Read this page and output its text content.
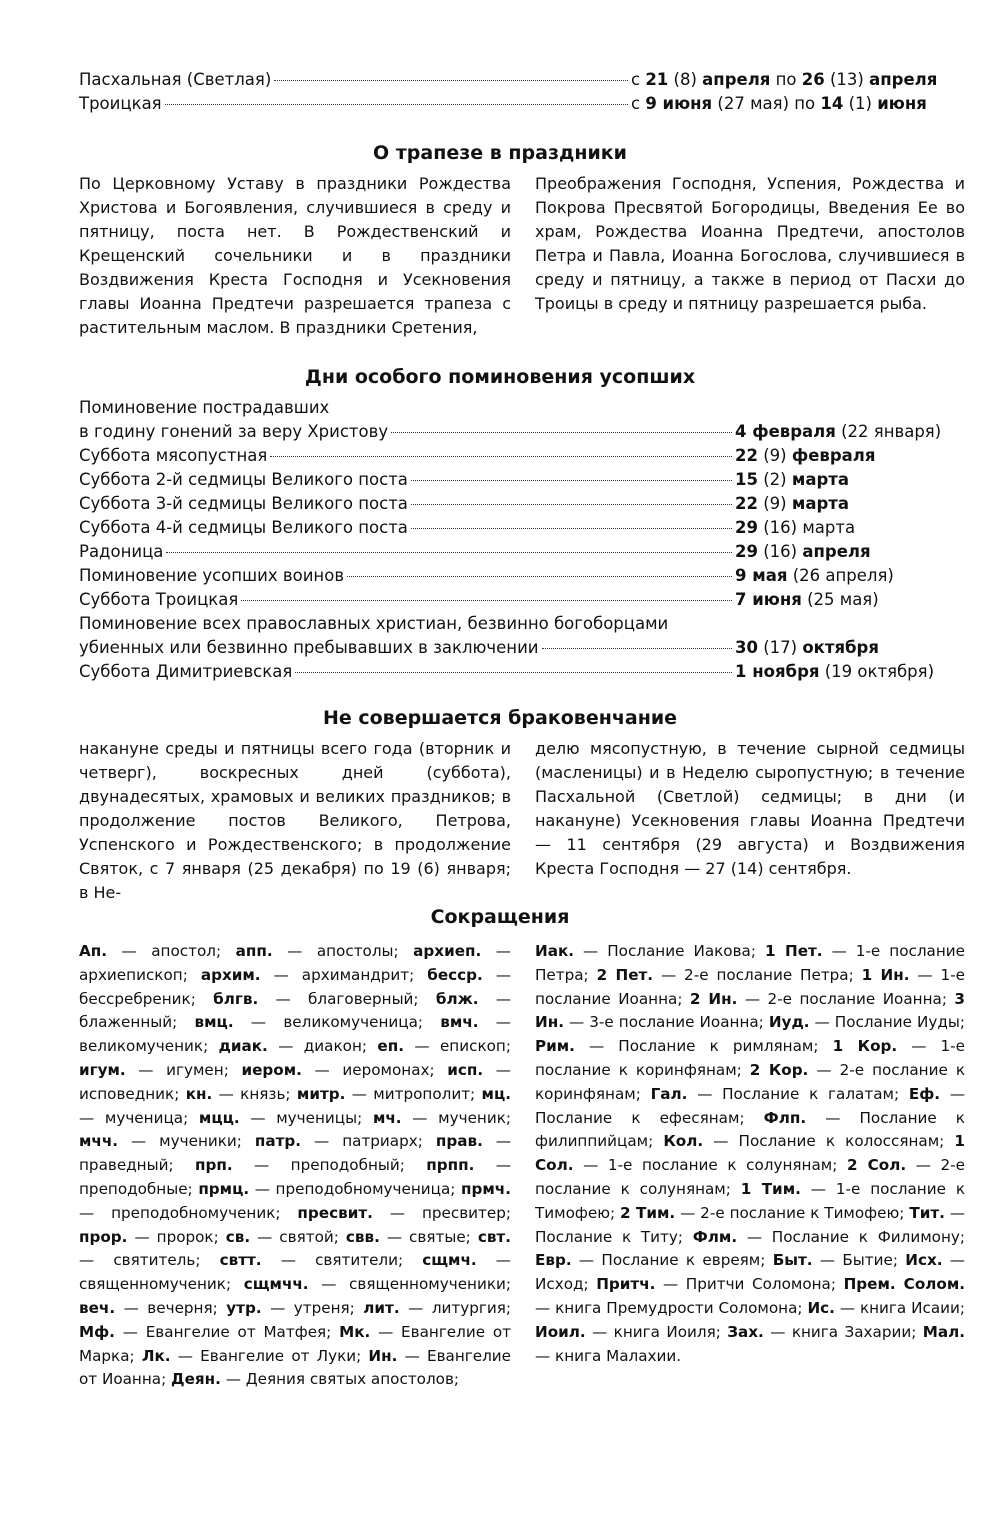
Пасхальная (Светлая)	с 21 (8) апреля по 26 (13) апреля
Троицкая	с 9 июня (27 мая) по 14 (1) июня
О трапезе в праздники
По Церковному Уставу в праздники Рождества Христова и Богоявления, случившиеся в среду и пятницу, поста нет. В Рождественский и Крещенский сочельники и в праздники Воздвижения Креста Господня и Усекновения главы Иоанна Предтечи разрешается трапеза с растительным маслом. В праздники Сретения,
Преображения Господня, Успения, Рождества и Покрова Пресвятой Богородицы, Введения Ее во храм, Рождества Иоанна Предтечи, апостолов Петра и Павла, Иоанна Богослова, случившиеся в среду и пятницу, а также в период от Пасхи до Троицы в среду и пятницу разрешается рыба.
Дни особого поминовения усопших
Поминовение пострадавших
в годину гонений за веру Христову	4 февраля (22 января)
Суббота мясопустная	22 (9) февраля
Суббота 2-й седмицы Великого поста	15 (2) марта
Суббота 3-й седмицы Великого поста	22 (9) марта
Суббота 4-й седмицы Великого поста	29 (16) марта
Радоница	29 (16) апреля
Поминовение усопших воинов	9 мая (26 апреля)
Суббота Троицкая	7 июня (25 мая)
Поминовение всех православных христиан, безвинно богоборцами
убиенных или безвинно пребывавших в заключении	30 (17) октября
Суббота Димитриевская	1 ноября (19 октября)
Не совершается браковенчание
накануне среды и пятницы всего года (вторник и четверг), воскресных дней (суббота), двунадесятых, храмовых и великих праздников; в продолжение постов Великого, Петрова, Успенского и Рождественского; в продолжение Святок, с 7 января (25 декабря) по 19 (6) января; в Не-
делю мясопустную, в течение сырной седмицы (масленицы) и в Неделю сыропустную; в течение Пасхальной (Светлой) седмицы; в дни (и накануне) Усекновения главы Иоанна Предтечи — 11 сентября (29 августа) и Воздвижения Креста Господня — 27 (14) сентября.
Сокращения
Ап. — апостол; апп. — апостолы; архиеп. — архиепископ; архим. — архимандрит; бесср. — бессребреник; блгв. — благоверный; блж. — блаженный; вмц. — великомученица; вмч. — великомученик; диак. — диакон; еп. — епископ; игум. — игумен; иером. — иеромонах; исп. — исповедник; кн. — князь; митр. — митрополит; мц. — мученица; мцц. — мученицы; мч. — мученик; мчч. — мученики; патр. — патриарх; прав. — праведный; прп. — преподобный; прпп. — преподобные; прмц. — преподобномученица; прмч. — преподобномученик; пресвит. — пресвитер; прор. — пророк; св. — святой; свв. — святые; свт. — святитель; свтт. — святители; сщмч. — священномученик; сщмчч. — священномученики; веч. — вечерня; утр. — утреня; лит. — литургия; Мф. — Евангелие от Матфея; Мк. — Евангелие от Марка; Лк. — Евангелие от Луки; Ин. — Евангелие от Иоанна; Деян. — Деяния святых апостолов;
Иак. — Послание Иакова; 1 Пет. — 1-е послание Петра; 2 Пет. — 2-е послание Петра; 1 Ин. — 1-е послание Иоанна; 2 Ин. — 2-е послание Иоанна; 3 Ин. — 3-е послание Иоанна; Иуд. — Послание Иуды; Рим. — Послание к римлянам; 1 Кор. — 1-е послание к коринфянам; 2 Кор. — 2-е послание к коринфянам; Гал. — Послание к галатам; Еф. — Послание к ефесянам; Флп. — Послание к филиппийцам; Кол. — Послание к колоссянам; 1 Сол. — 1-е послание к солунянам; 2 Сол. — 2-е послание к солунянам; 1 Тим. — 1-е послание к Тимофею; 2 Тим. — 2-е послание к Тимофею; Тит. — Послание к Титу; Флм. — Послание к Филимону; Евр. — Послание к евреям; Быт. — Бытие; Исх. — Исход; Притч. — Притчи Соломона; Прем. Солом. — книга Премудрости Соломона; Ис. — книга Исаии; Иоил. — книга Иоиля; Зах. — книга Захарии; Мал. — книга Малахии.
